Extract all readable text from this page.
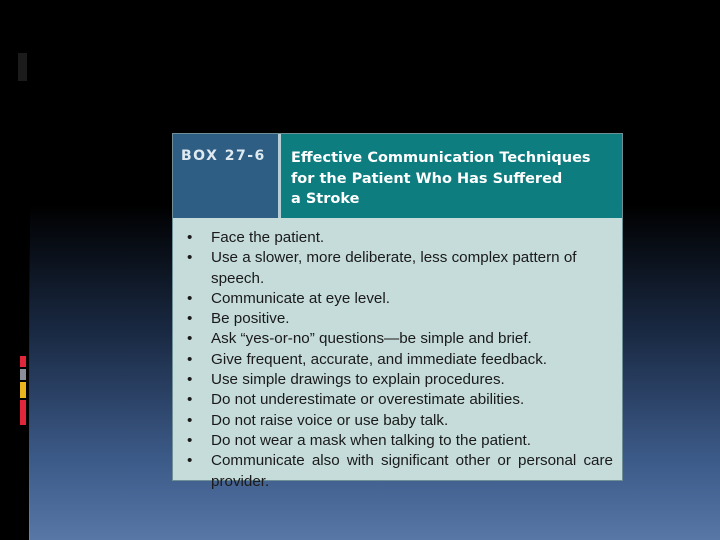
BOX 27-6 Effective Communication Techniques
for the Patient Who Has Suffered
a Stroke
• Face the patient.
• Use a slower, more deliberate, less complex pattern of speech.
• Communicate at eye level.
• Be positive.
• Ask “yes-or-no” questions—be simple and brief.
• Give frequent, accurate, and immediate feedback.
• Use simple drawings to explain procedures.
• Do not underestimate or overestimate abilities.
• Do not raise voice or use baby talk.
• Do not wear a mask when talking to the patient.
• Communicate also with significant other or personal care provider.
